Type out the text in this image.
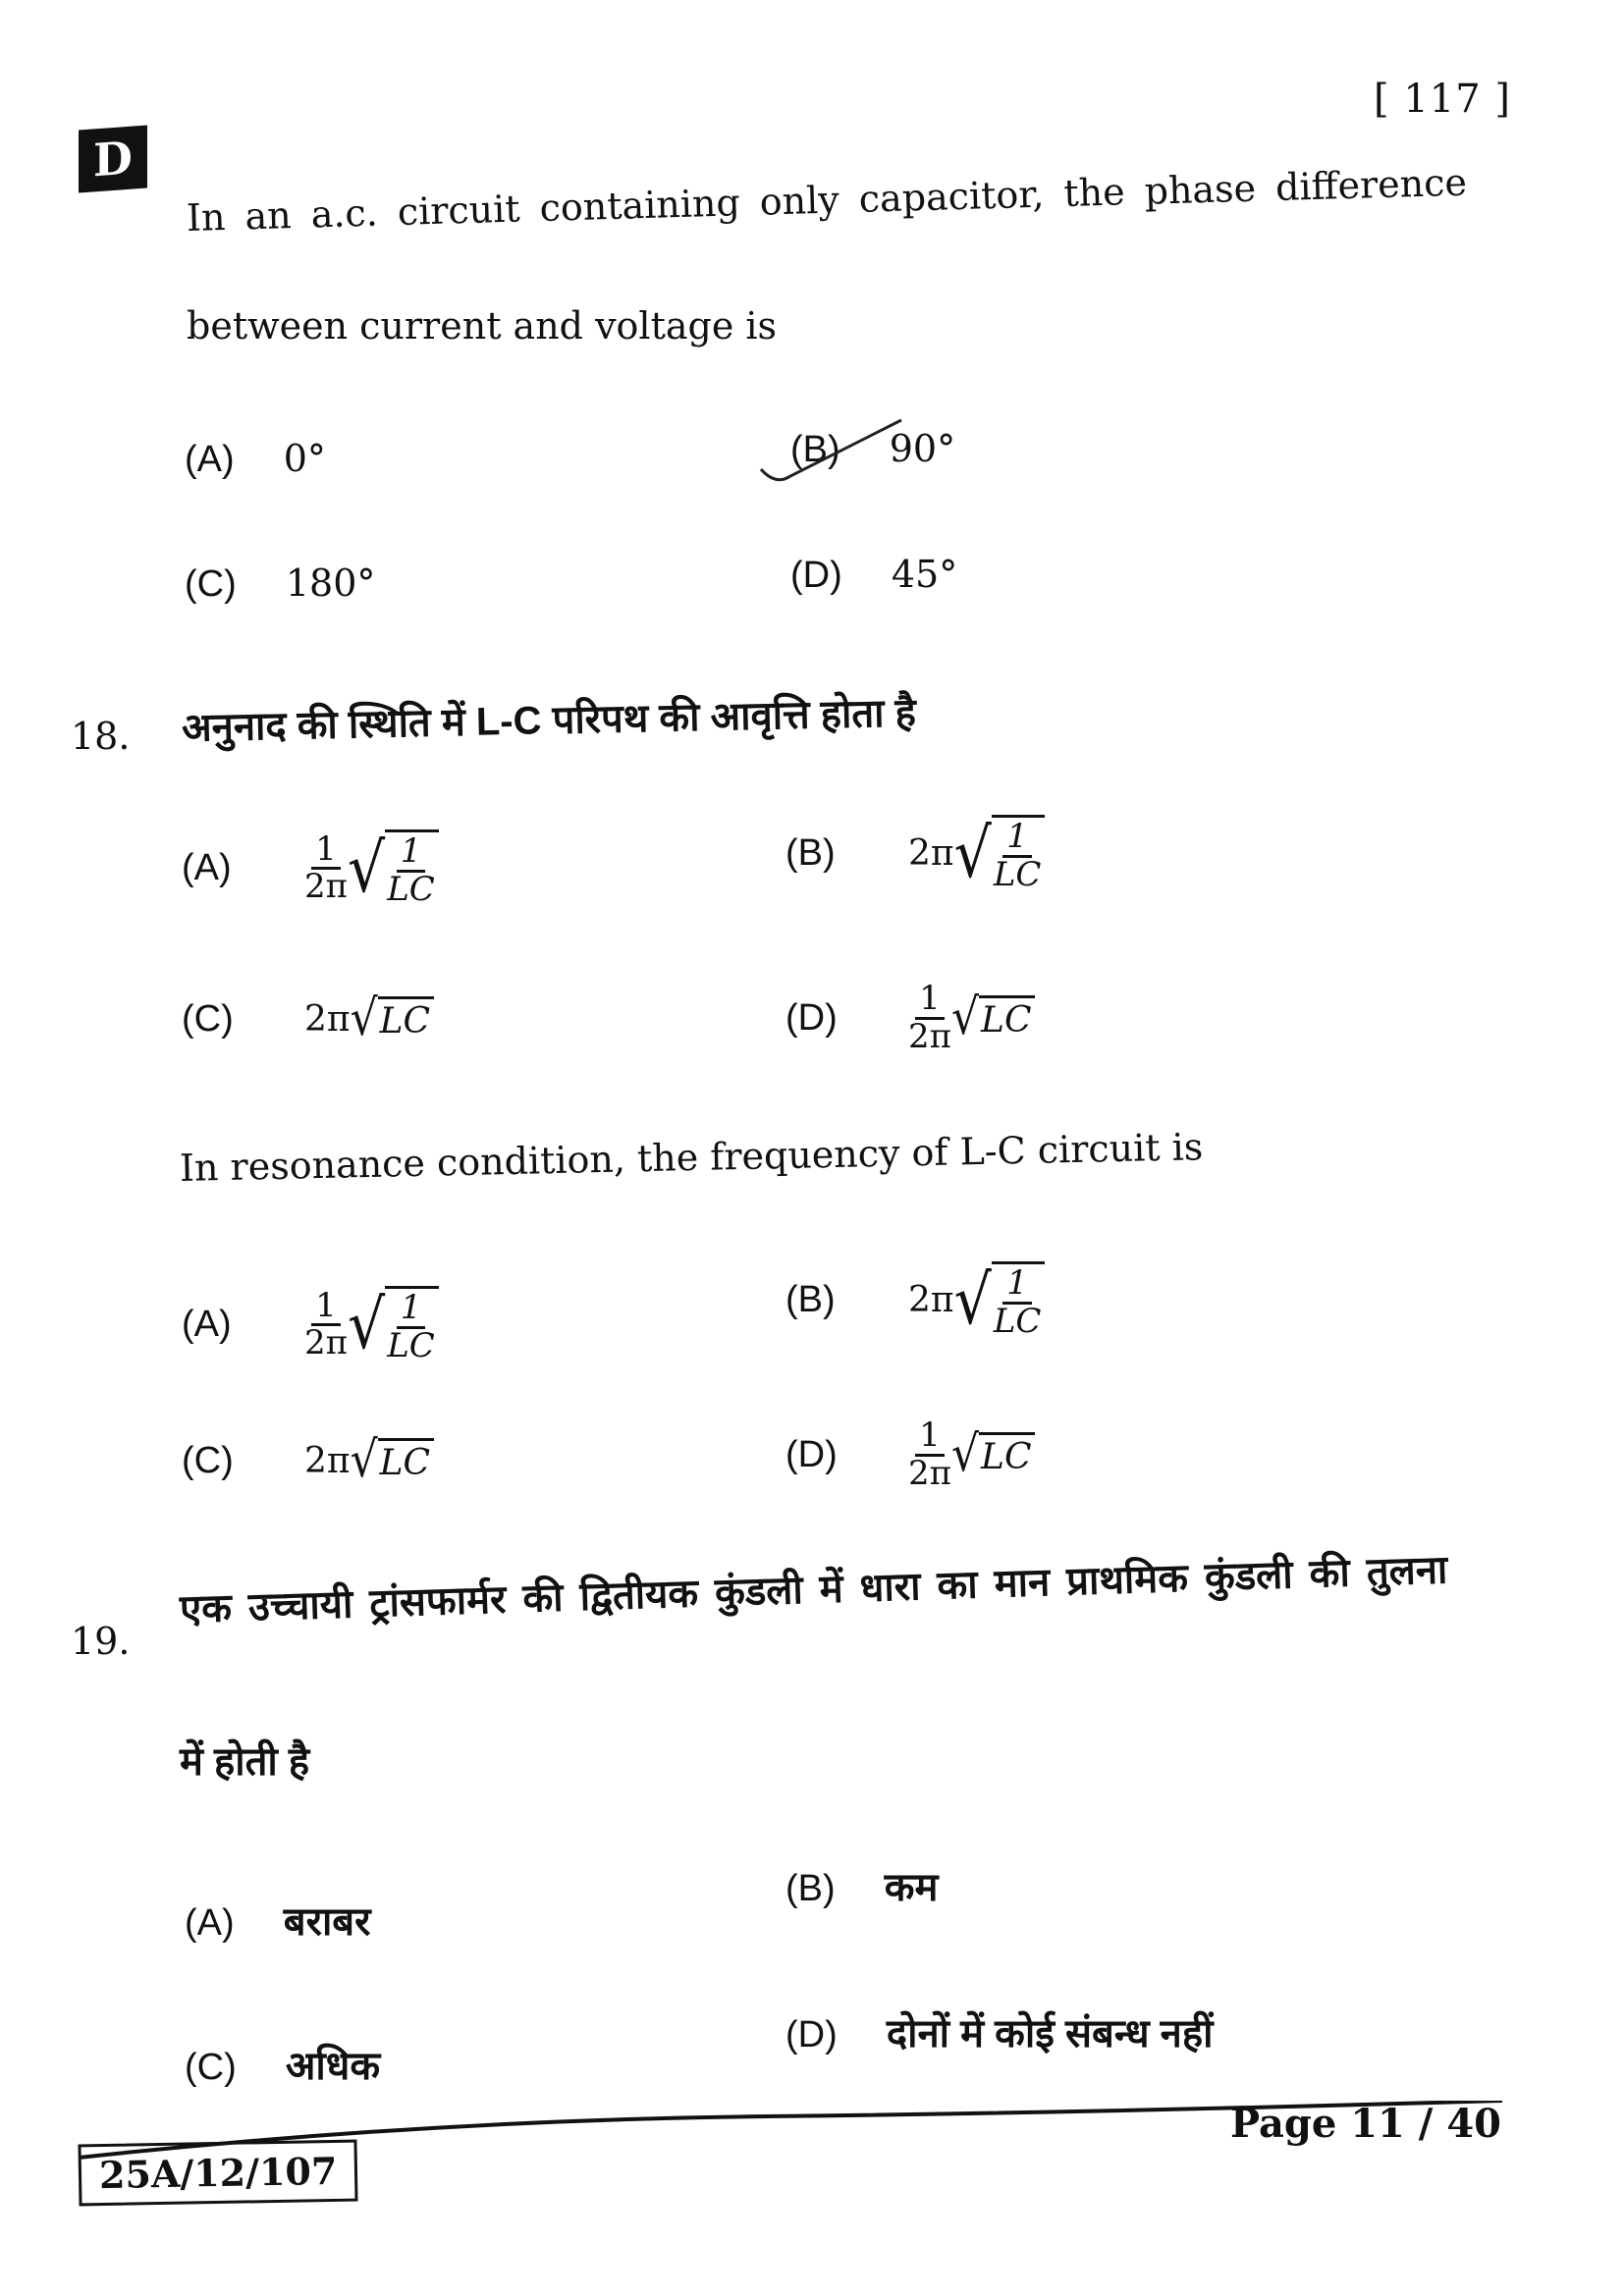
[ 117 ]
D
In an a.c. circuit containing only capacitor, the phase difference
between current and voltage is
(A) 0°	(B) 90°
(C) 180°	(D) 45°
18. अनुनाद की स्थिति में L-C परिपथ की आवृत्ति होता है
(A)	$\frac{1}{2\pi}$ √ $\frac{1}{LC}$	(B)	2π √ $\frac{1}{LC}$
(C)	2π √ LC	(D)	$\frac{1}{2\pi}$ √ LC
In resonance condition, the frequency of L-C circuit is
(A)	$\frac{1}{2\pi}$ √ $\frac{1}{LC}$	(B)	2π √ $\frac{1}{LC}$
(C)	2π √ LC	(D)	$\frac{1}{2\pi}$ √ LC
19.
एक उच्चायी ट्रांसफार्मर की द्वितीयक कुंडली में धारा का मान प्राथमिक कुंडली की तुलना
में होती है
(A) बराबर
(B) कम
(C) अधिक
(D) दोनों में कोई संबन्ध नहीं
25A/12/107
Page 11 / 40
